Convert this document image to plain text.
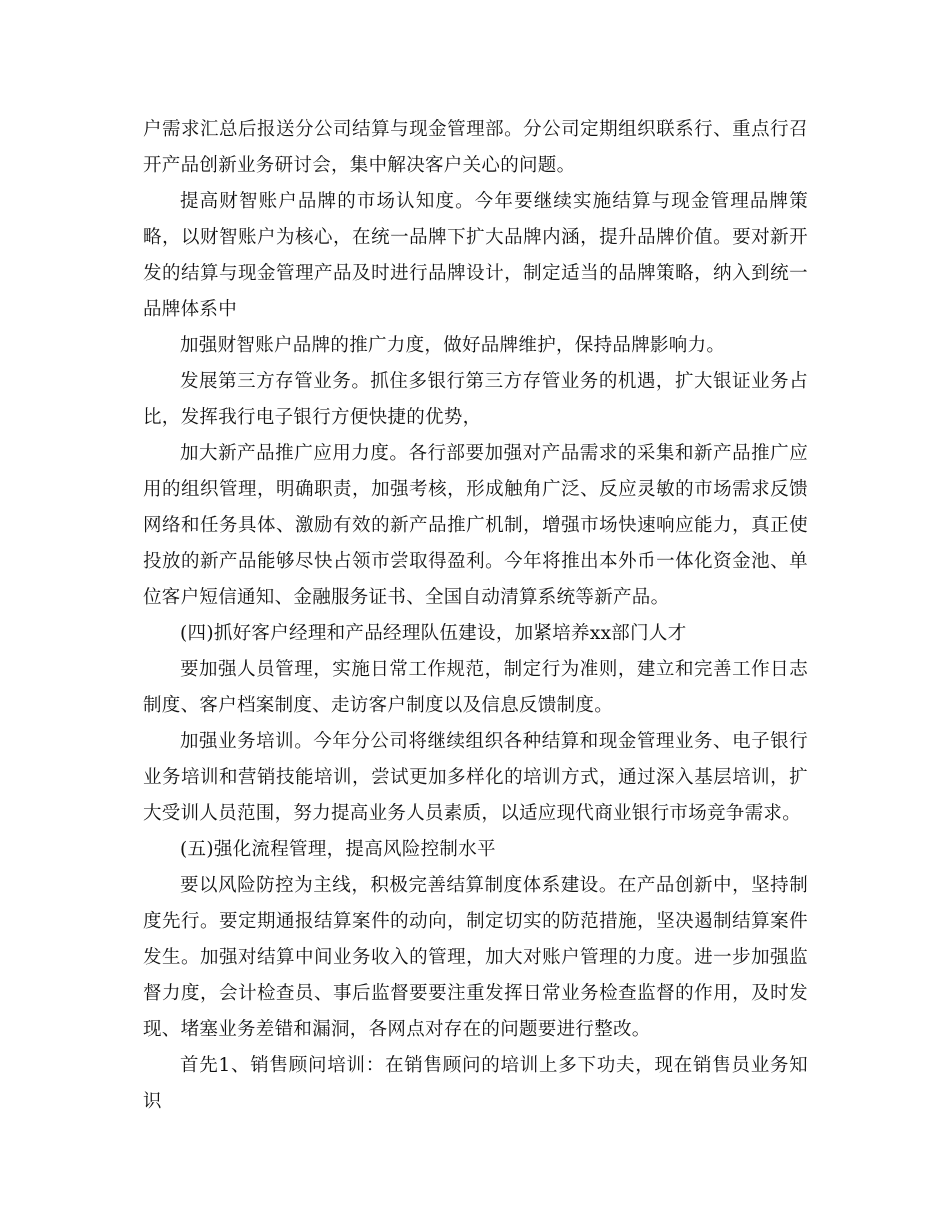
户需求汇总后报送分公司结算与现金管理部。分公司定期组织联系行、重点行召开产品创新业务研讨会，集中解决客户关心的问题。

提高财智账户品牌的市场认知度。今年要继续实施结算与现金管理品牌策略，以财智账户为核心，在统一品牌下扩大品牌内涵，提升品牌价值。要对新开发的结算与现金管理产品及时进行品牌设计，制定适当的品牌策略，纳入到统一品牌体系中

加强财智账户品牌的推广力度，做好品牌维护，保持品牌影响力。

发展第三方存管业务。抓住多银行第三方存管业务的机遇，扩大银证业务占比，发挥我行电子银行方便快捷的优势，

加大新产品推广应用力度。各行部要加强对产品需求的采集和新产品推广应用的组织管理，明确职责，加强考核，形成触角广泛、反应灵敏的市场需求反馈网络和任务具体、激励有效的新产品推广机制，增强市场快速响应能力，真正使投放的新产品能够尽快占领市尝取得盈利。今年将推出本外币一体化资金池、单位客户短信通知、金融服务证书、全国自动清算系统等新产品。

(四)抓好客户经理和产品经理队伍建设，加紧培养xx部门人才

要加强人员管理，实施日常工作规范，制定行为准则，建立和完善工作日志制度、客户档案制度、走访客户制度以及信息反馈制度。

加强业务培训。今年分公司将继续组织各种结算和现金管理业务、电子银行业务培训和营销技能培训，尝试更加多样化的培训方式，通过深入基层培训，扩大受训人员范围，努力提高业务人员素质，以适应现代商业银行市场竞争需求。

(五)强化流程管理，提高风险控制水平

要以风险防控为主线，积极完善结算制度体系建设。在产品创新中，坚持制度先行。要定期通报结算案件的动向，制定切实的防范措施，坚决遏制结算案件发生。加强对结算中间业务收入的管理，加大对账户管理的力度。进一步加强监督力度，会计检查员、事后监督要要注重发挥日常业务检查监督的作用，及时发现、堵塞业务差错和漏洞，各网点对存在的问题要进行整改。

首先1、销售顾问培训：在销售顾问的培训上多下功夫，现在销售员业务知识
